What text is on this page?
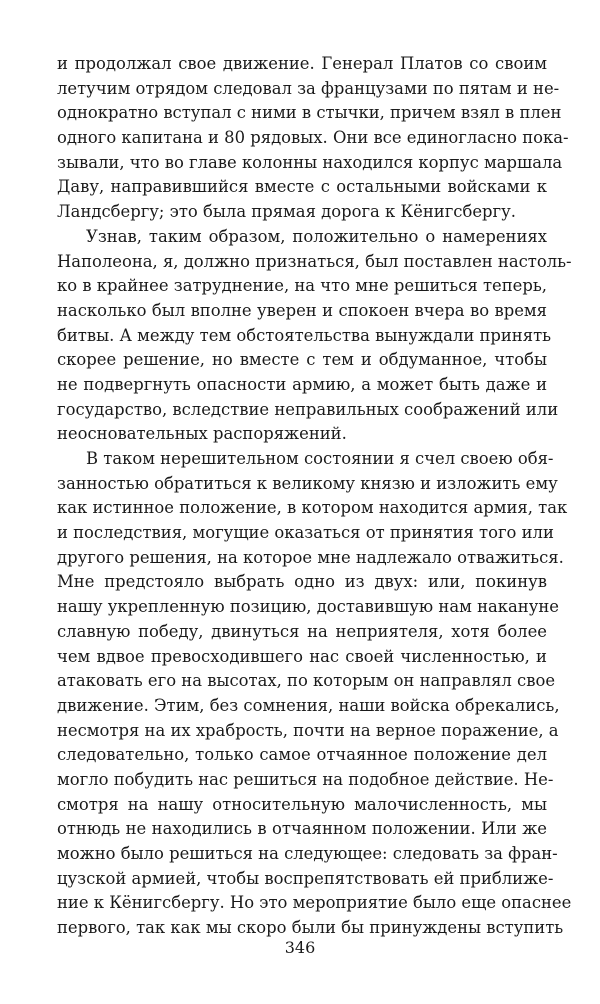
и продолжал свое движение. Генерал Платов со своим
летучим отрядом следовал за французами по пятам и не-
однократно вступал с ними в стычки, причем взял в плен
одного капитана и 80 рядовых. Они все единогласно пока-
зывали, что во главе колонны находился корпус маршала
Даву, направившийся вместе с остальными войсками к
Ландсбергу; это была прямая дорога к Кёнигсбергу.
Узнав, таким образом, положительно о намерениях
Наполеона, я, должно признаться, был поставлен настоль-
ко в крайнее затруднение, на что мне решиться теперь,
насколько был вполне уверен и спокоен вчера во время
битвы. А между тем обстоятельства вынуждали принять
скорее решение, но вместе с тем и обдуманное, чтобы
не подвергнуть опасности армию, а может быть даже и
государство, вследствие неправильных соображений или
неосновательных распоряжений.
В таком нерешительном состоянии я счел своею обя-
занностью обратиться к великому князю и изложить ему
как истинное положение, в котором находится армия, так
и последствия, могущие оказаться от принятия того или
другого решения, на которое мне надлежало отважиться.
Мне предстояло выбрать одно из двух: или, покинув
нашу укрепленную позицию, доставившую нам накануне
славную победу, двинуться на неприятеля, хотя более
чем вдвое превосходившего нас своей численностью, и
атаковать его на высотах, по которым он направлял свое
движение. Этим, без сомнения, наши войска обрекались,
несмотря на их храбрость, почти на верное поражение, а
следовательно, только самое отчаянное положение дел
могло побудить нас решиться на подобное действие. Не-
смотря на нашу относительную малочисленность, мы
отнюдь не находились в отчаянном положении. Или же
можно было решиться на следующее: следовать за фран-
цузской армией, чтобы воспрепятствовать ей приближе-
ние к Кёнигсбергу. Но это мероприятие было еще опаснее
первого, так как мы скоро были бы принуждены вступить
346
